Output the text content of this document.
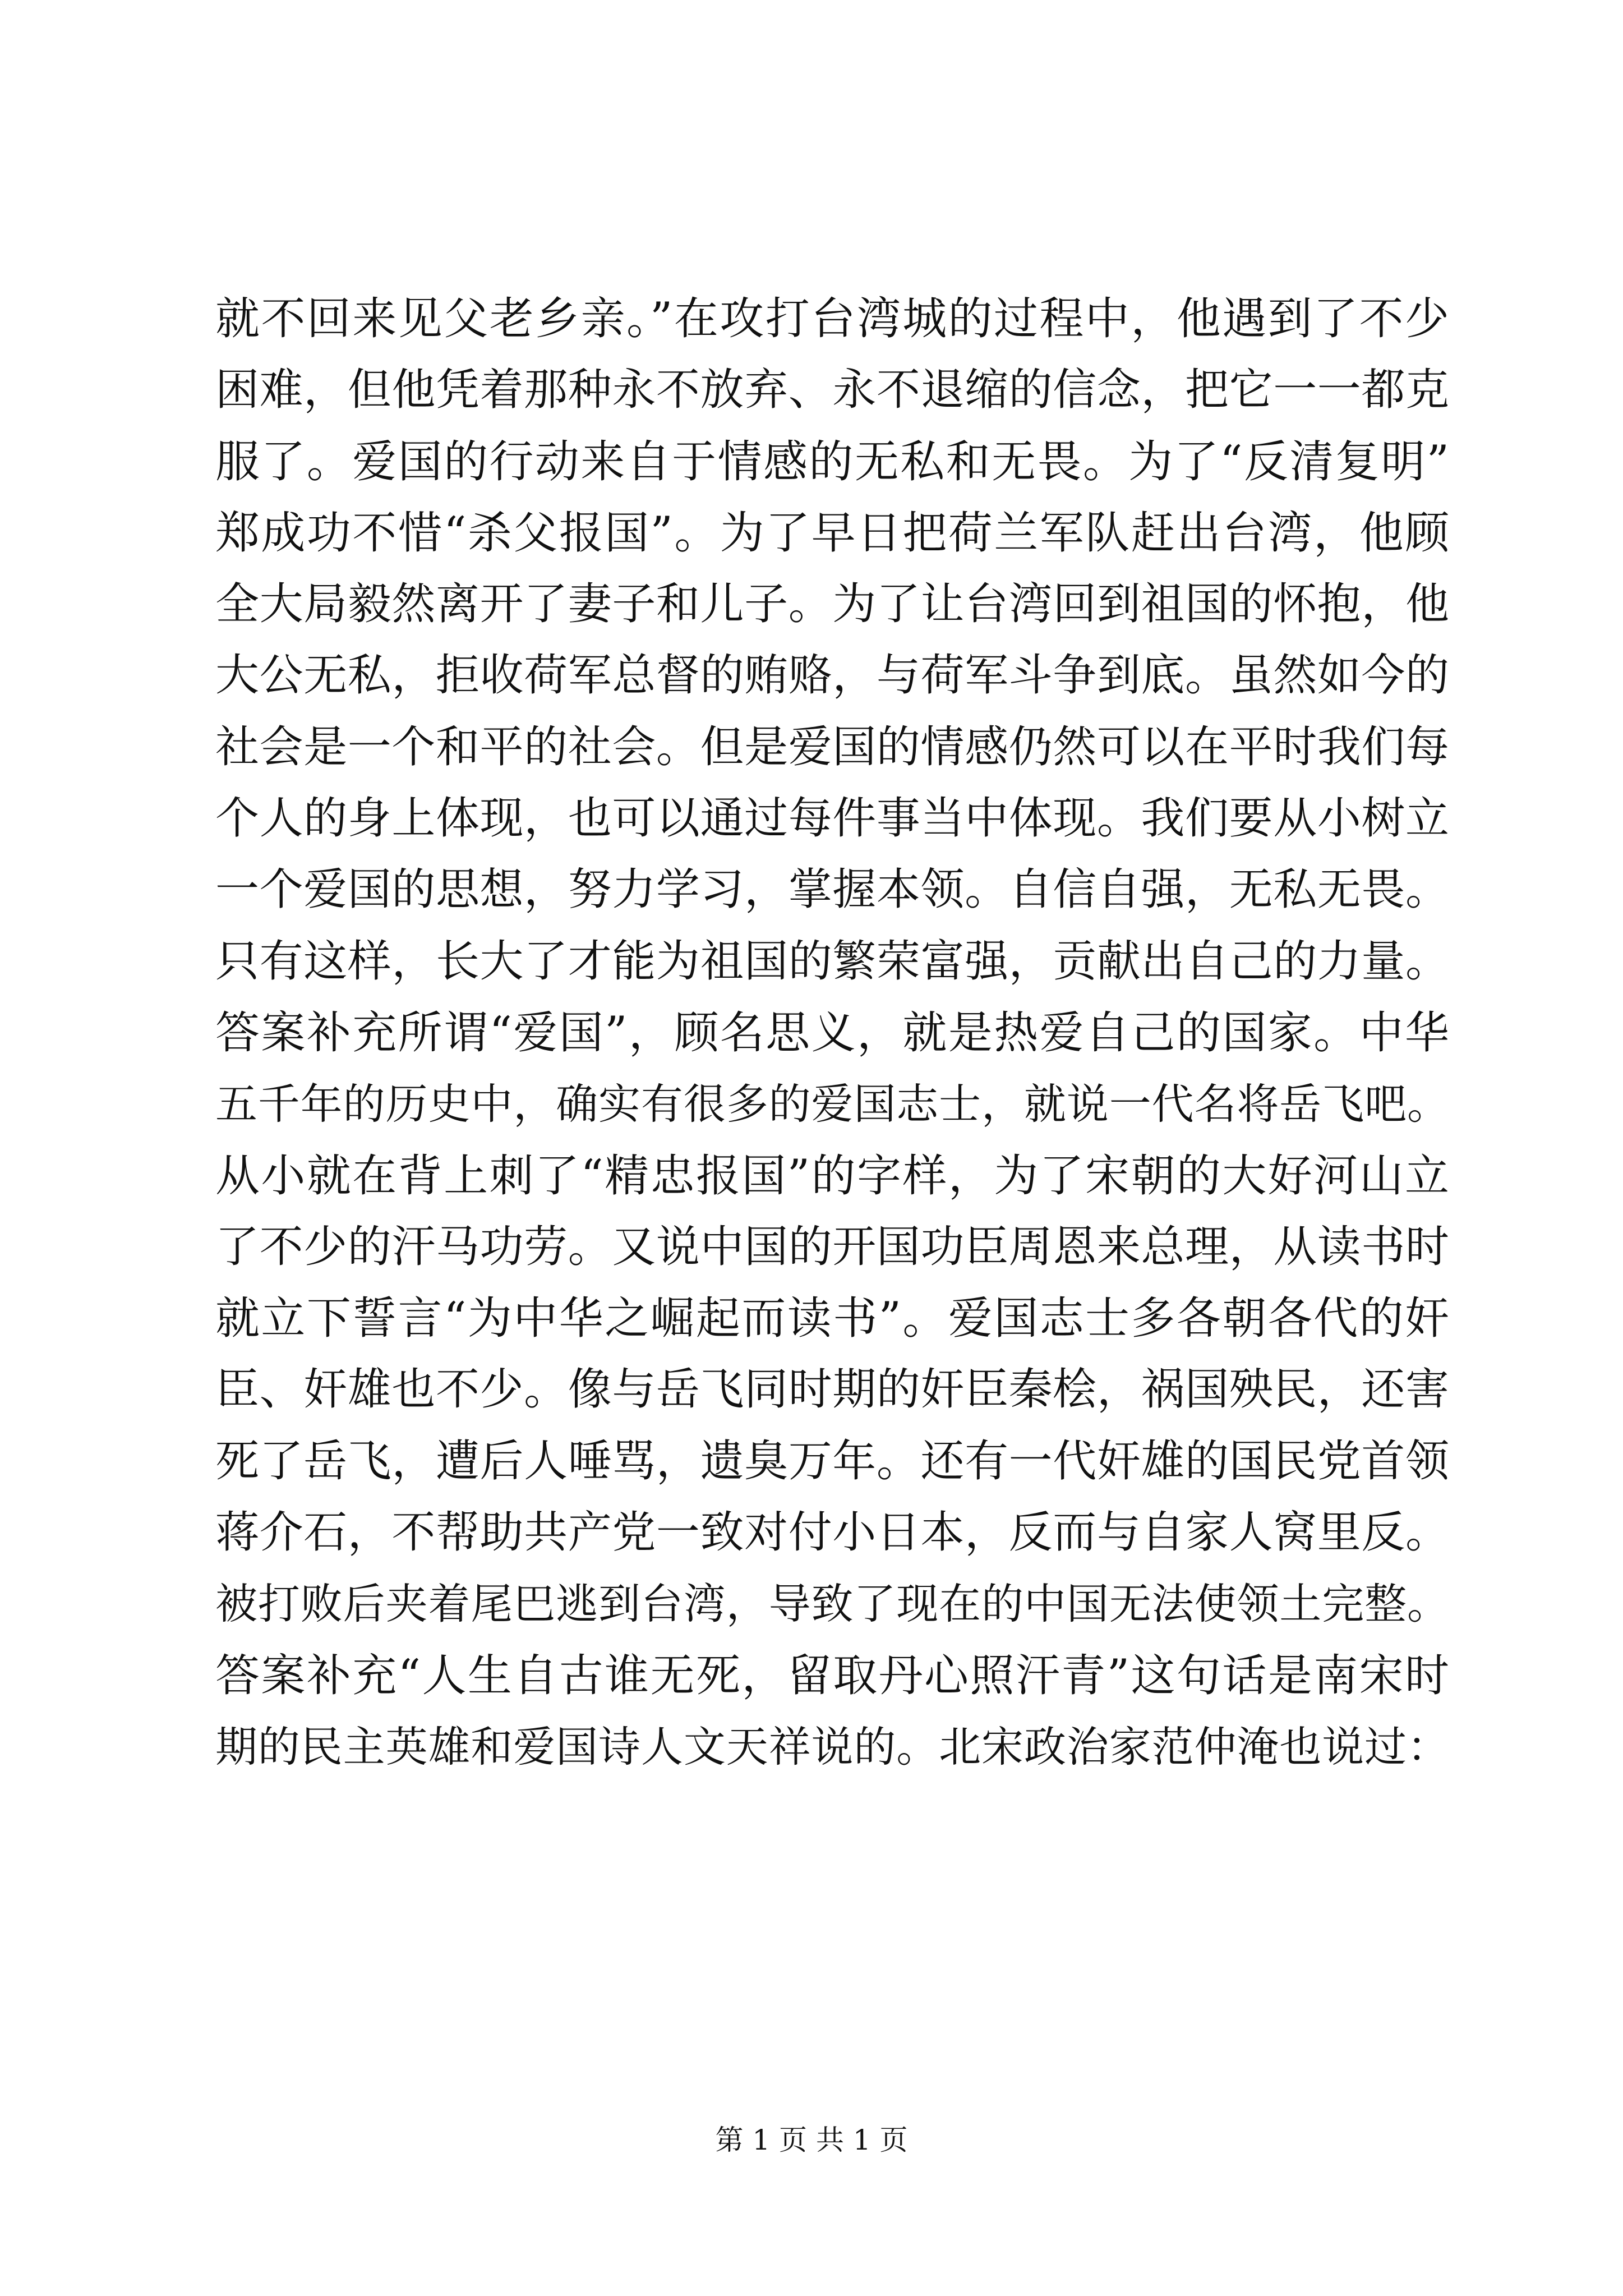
就不回来见父老乡亲。”在攻打台湾城的过程中，他遇到了不少
困难，但他凭着那种永不放弃、永不退缩的信念，把它一一都克
服了。爱国的行动来自于情感的无私和无畏。为了“反清复明”
郑成功不惜“杀父报国”。为了早日把荷兰军队赶出台湾，他顾
全大局毅然离开了妻子和儿子。为了让台湾回到祖国的怀抱，他
大公无私，拒收荷军总督的贿赂，与荷军斗争到底。虽然如今的
社会是一个和平的社会。但是爱国的情感仍然可以在平时我们每
个人的身上体现，也可以通过每件事当中体现。我们要从小树立
一个爱国的思想，努力学习，掌握本领。自信自强，无私无畏。
只有这样，长大了才能为祖国的繁荣富强，贡献出自己的力量。
答案补充所谓“爱国”，顾名思义，就是热爱自己的国家。中华
五千年的历史中，确实有很多的爱国志士，就说一代名将岳飞吧。
从小就在背上刺了“精忠报国”的字样，为了宋朝的大好河山立
了不少的汗马功劳。又说中国的开国功臣周恩来总理，从读书时
就立下誓言“为中华之崛起而读书”。爱国志士多各朝各代的奸
臣、奸雄也不少。像与岳飞同时期的奸臣秦桧，祸国殃民，还害
死了岳飞，遭后人唾骂，遗臭万年。还有一代奸雄的国民党首领
蒋介石，不帮助共产党一致对付小日本，反而与自家人窝里反。
被打败后夹着尾巴逃到台湾，导致了现在的中国无法使领土完整。
答案补充“人生自古谁无死，留取丹心照汗青”这句话是南宋时
期的民主英雄和爱国诗人文天祥说的。北宋政治家范仲淹也说过：
第 1 页 共 1 页
